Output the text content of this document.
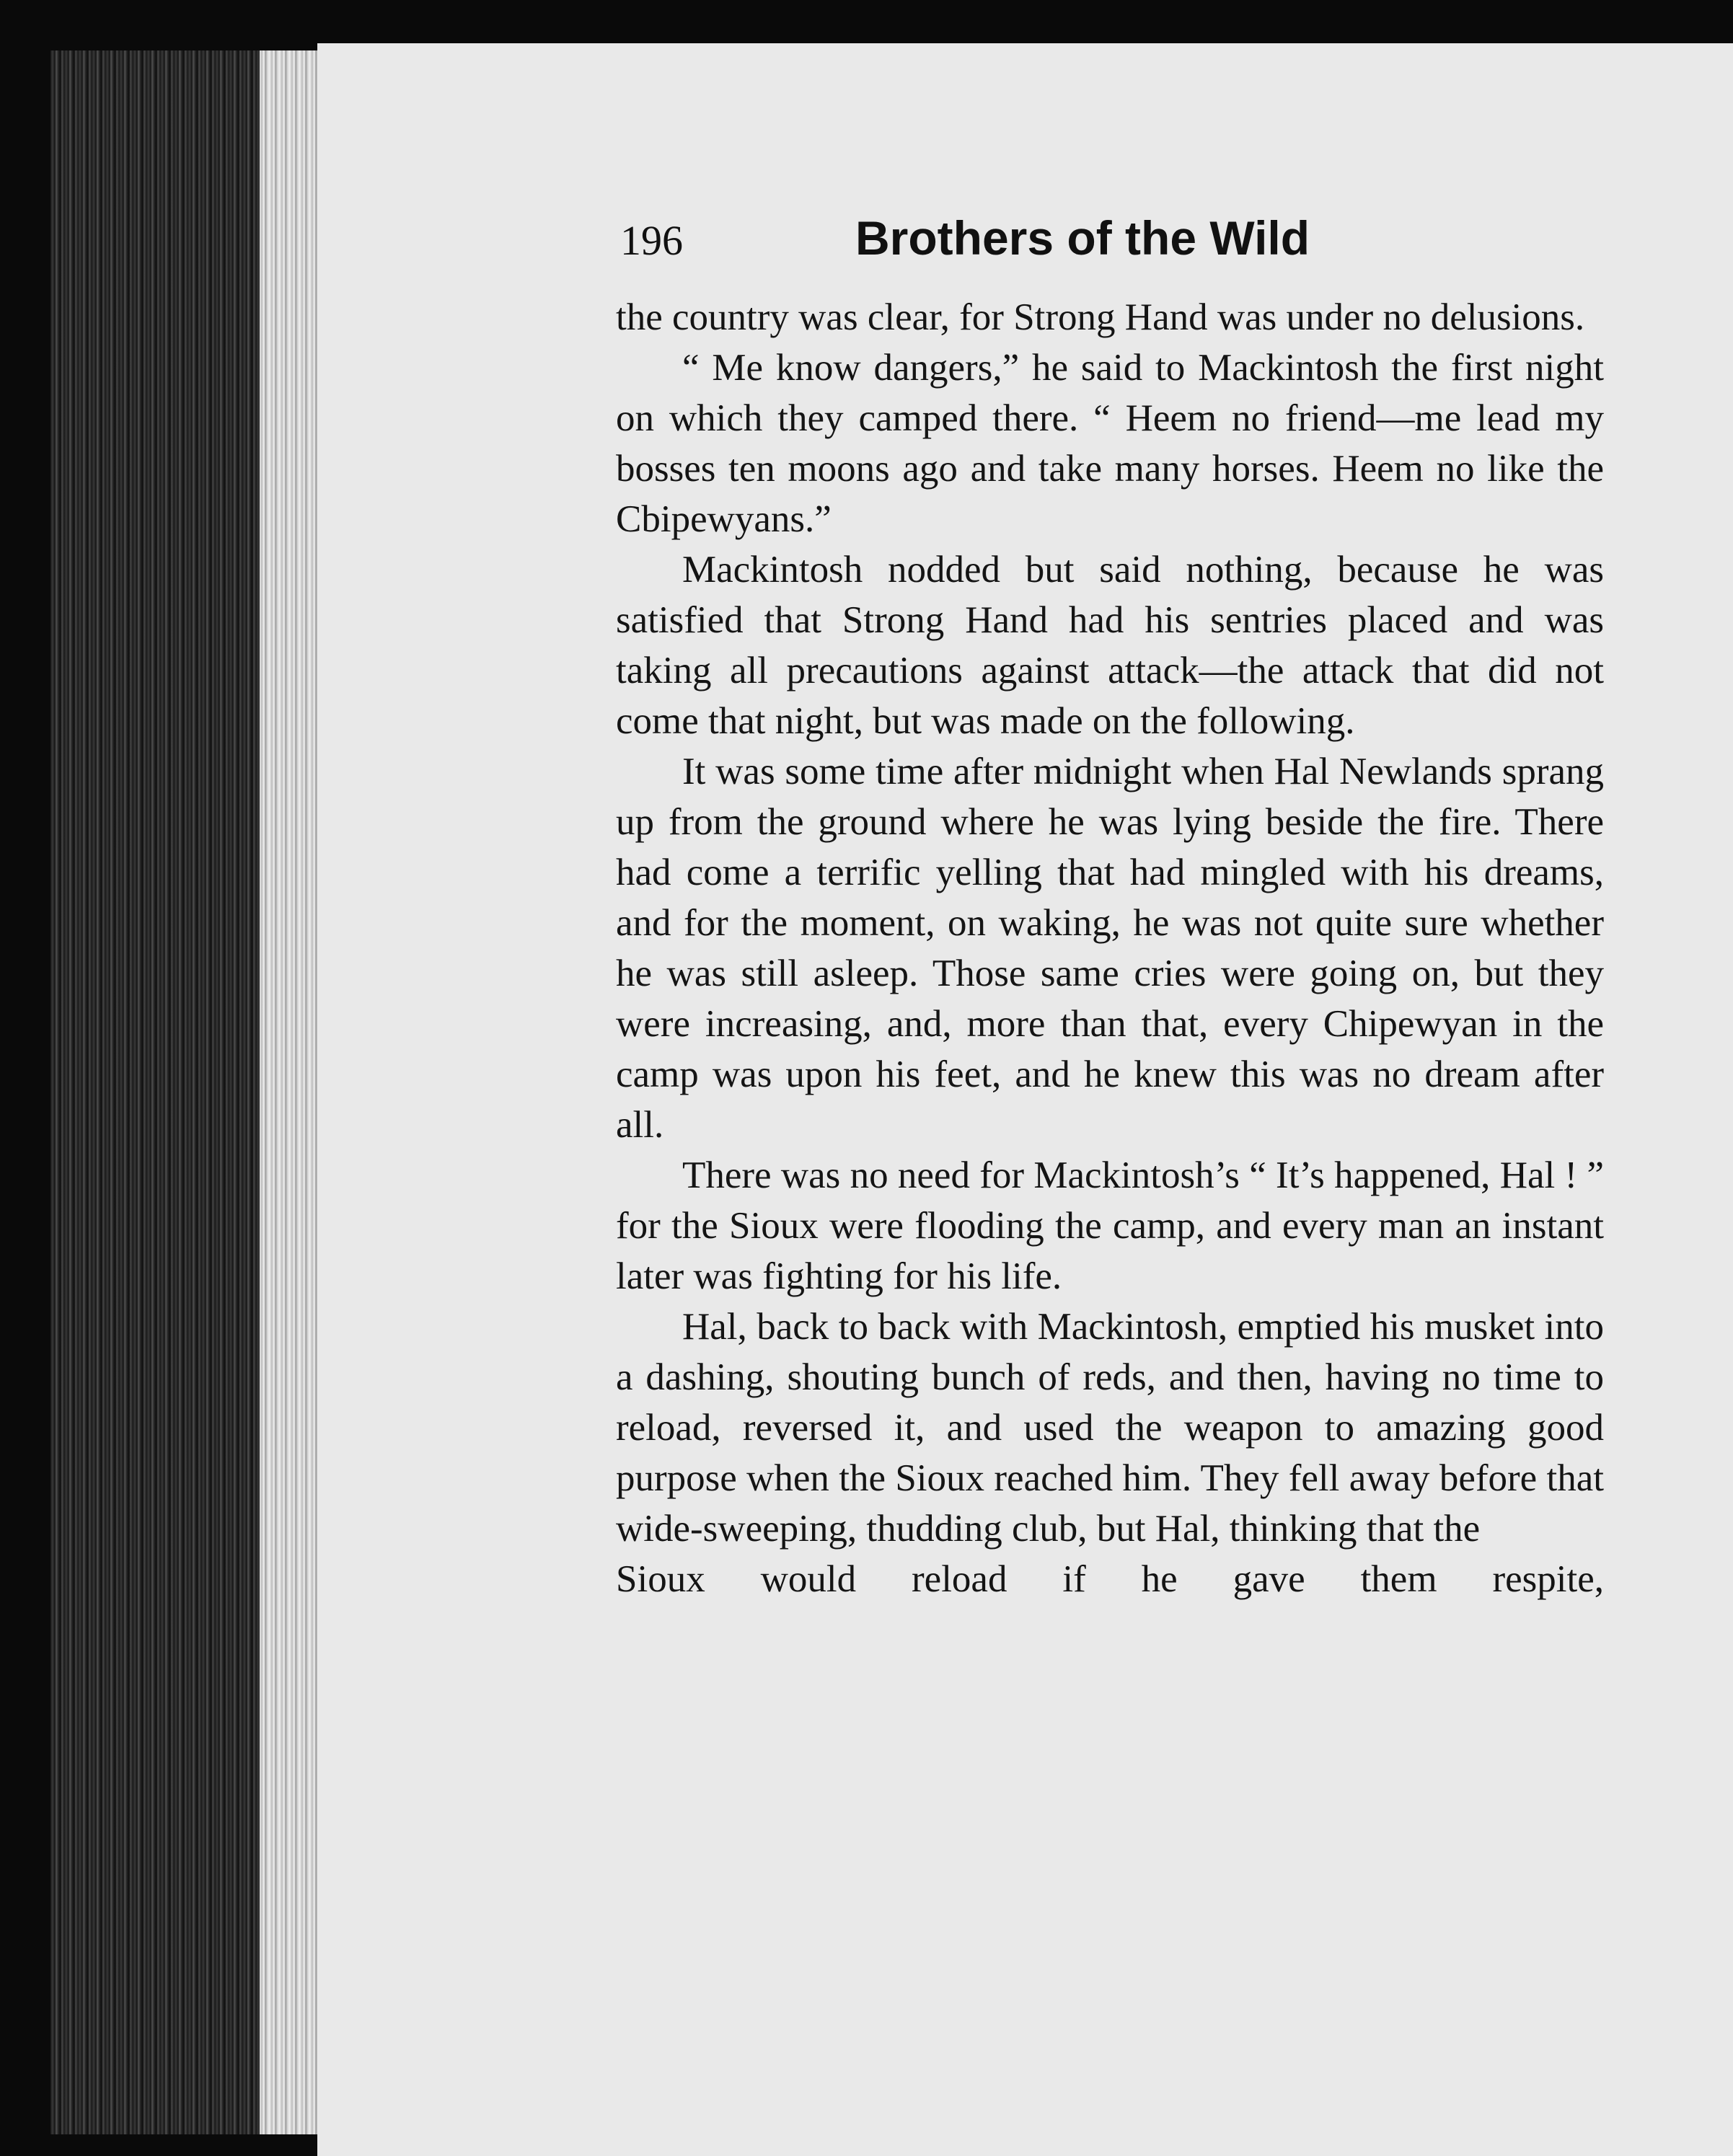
196	Brothers of the Wild

the country was clear, for Strong Hand was under no delusions.

“ Me know dangers,” he said to Mackintosh the first night on which they camped there. “ Heem no friend—me lead my bosses ten moons ago and take many horses. Heem no like the Cbipewyans.”

Mackintosh nodded but said nothing, because he was satisfied that Strong Hand had his sentries placed and was taking all precautions against attack—the attack that did not come that night, but was made on the following.

It was some time after midnight when Hal Newlands sprang up from the ground where he was lying beside the fire. There had come a terrific yelling that had mingled with his dreams, and for the moment, on waking, he was not quite sure whether he was still asleep. Those same cries were going on, but they were increasing, and, more than that, every Chipewyan in the camp was upon his feet, and he knew this was no dream after all.

There was no need for Mackintosh’s “ It’s happened, Hal ! ” for the Sioux were flooding the camp, and every man an instant later was fighting for his life.

Hal, back to back with Mackintosh, emptied his musket into a dashing, shouting bunch of reds, and then, having no time to reload, reversed it, and used the weapon to amazing good purpose when the Sioux reached him. They fell away before that wide-sweeping, thudding club, but Hal, thinking that the

Sioux would reload if he gave them respite,
